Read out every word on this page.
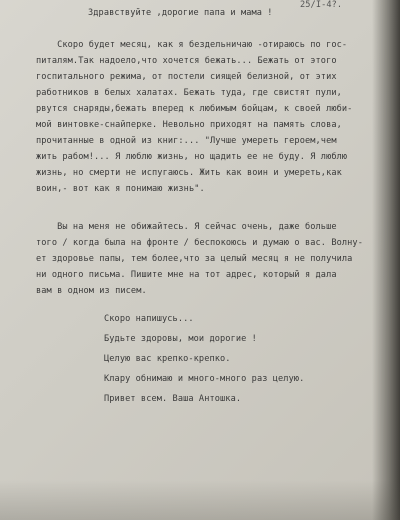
25/I-4?.
Здравствуйте ,дорогие папа и мама !
Скоро будет месяц, как я бездельничаю -отираюсь по гос-
питалям.Так надоело,что хочется бежать... Бежать от этого
госпитального режима, от постели сиящей белизной, от этих
работников в белых халатах. Бежать туда, где свистят пули,
рвутся снаряды,бежать вперед к любимым бойцам, к своей люби-
мой винтовке-снайперке. Невольно приходят на память слова,
прочитанные в одной из книг:... "Лучше умереть героем,чем
жить рабом!... Я люблю жизнь, но щадить ее не буду. Я люблю
жизнь, но смерти не испугаюсь. Жить как воин и умереть,как
воин,- вот как я понимаю жизнь".
Вы на меня не обижайтесь. Я сейчас очень, даже больше
того / когда была на фронте / беспокоюсь и думаю о вас. Волну-
ет здоровье папы, тем более,что за целый месяц я не получила
ни одного письма. Пишите мне на тот адрес, который я дала
вам в одном из писем.
Скоро напишусь...
Будьте здоровы, мои дорогие !
Целую вас крепко-крепко.
Клару обнимаю и много-много раз целую.
Привет всем. Ваша Антошка.
